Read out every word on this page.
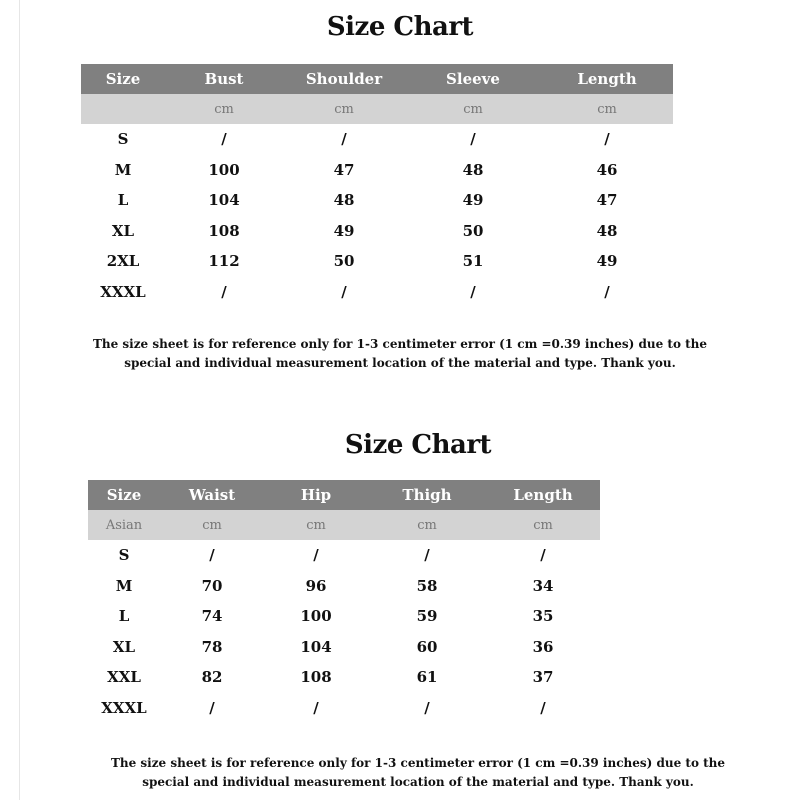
Size Chart
Size	Bust	Shoulder	Sleeve	Length
	cm	cm	cm	cm
S	/	/	/	/
M	100	47	48	46
L	104	48	49	47
XL	108	49	50	48
2XL	112	50	51	49
XXXL	/	/	/	/
The size sheet is for reference only for 1-3 centimeter error (1 cm =0.39 inches) due to the
special and individual measurement location of the material and type. Thank you.
Size Chart
Size	Waist	Hip	Thigh	Length
Asian	cm	cm	cm	cm
S	/	/	/	/
M	70	96	58	34
L	74	100	59	35
XL	78	104	60	36
XXL	82	108	61	37
XXXL	/	/	/	/
The size sheet is for reference only for 1-3 centimeter error (1 cm =0.39 inches) due to the
special and individual measurement location of the material and type. Thank you.
